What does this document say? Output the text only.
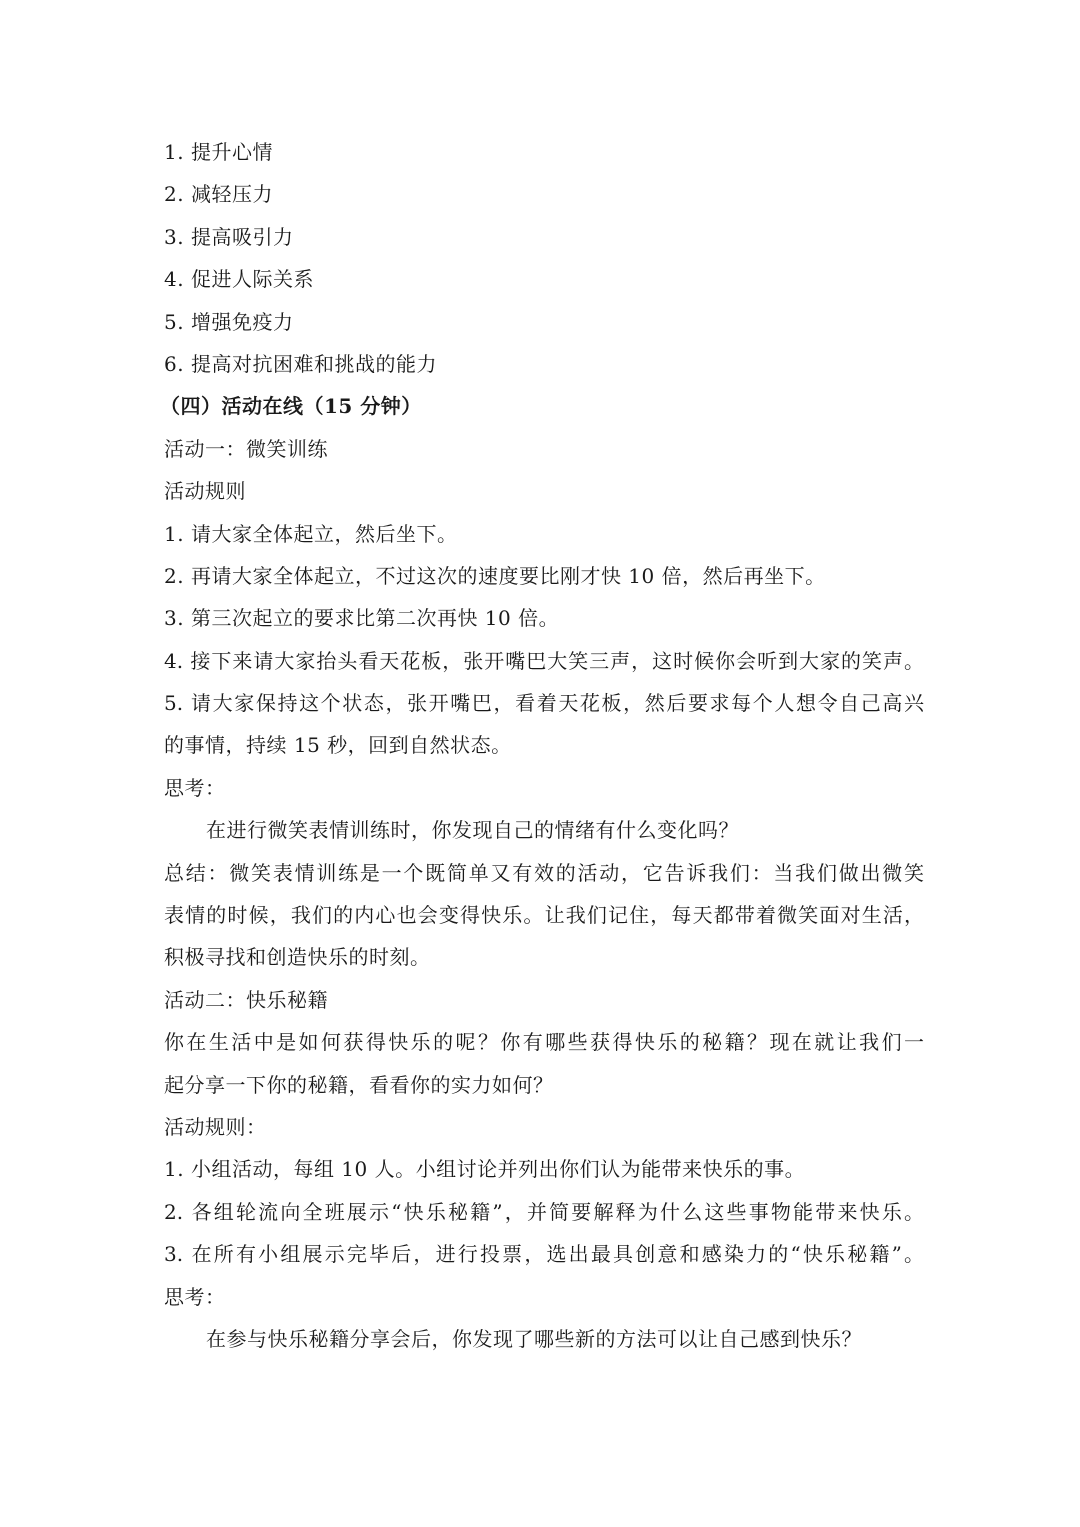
1. 提升心情
2. 减轻压力
3. 提高吸引力
4. 促进人际关系
5. 增强免疫力
6. 提高对抗困难和挑战的能力
（四）活动在线（15 分钟）
活动一：微笑训练
活动规则
1. 请大家全体起立，然后坐下。
2. 再请大家全体起立，不过这次的速度要比刚才快 10 倍，然后再坐下。
3. 第三次起立的要求比第二次再快 10 倍。
4. 接下来请大家抬头看天花板，张开嘴巴大笑三声，这时候你会听到大家的笑声。
5. 请大家保持这个状态，张开嘴巴，看着天花板，然后要求每个人想令自己高兴
的事情，持续 15 秒，回到自然状态。
思考：
在进行微笑表情训练时，你发现自己的情绪有什么变化吗？
总结：微笑表情训练是一个既简单又有效的活动，它告诉我们：当我们做出微笑
表情的时候，我们的内心也会变得快乐。让我们记住，每天都带着微笑面对生活，
积极寻找和创造快乐的时刻。
活动二：快乐秘籍
你在生活中是如何获得快乐的呢？你有哪些获得快乐的秘籍？现在就让我们一
起分享一下你的秘籍，看看你的实力如何？
活动规则：
1. 小组活动，每组 10 人。小组讨论并列出你们认为能带来快乐的事。
2. 各组轮流向全班展示“快乐秘籍”，并简要解释为什么这些事物能带来快乐。
3. 在所有小组展示完毕后，进行投票，选出最具创意和感染力的“快乐秘籍”。
思考：
在参与快乐秘籍分享会后，你发现了哪些新的方法可以让自己感到快乐？
